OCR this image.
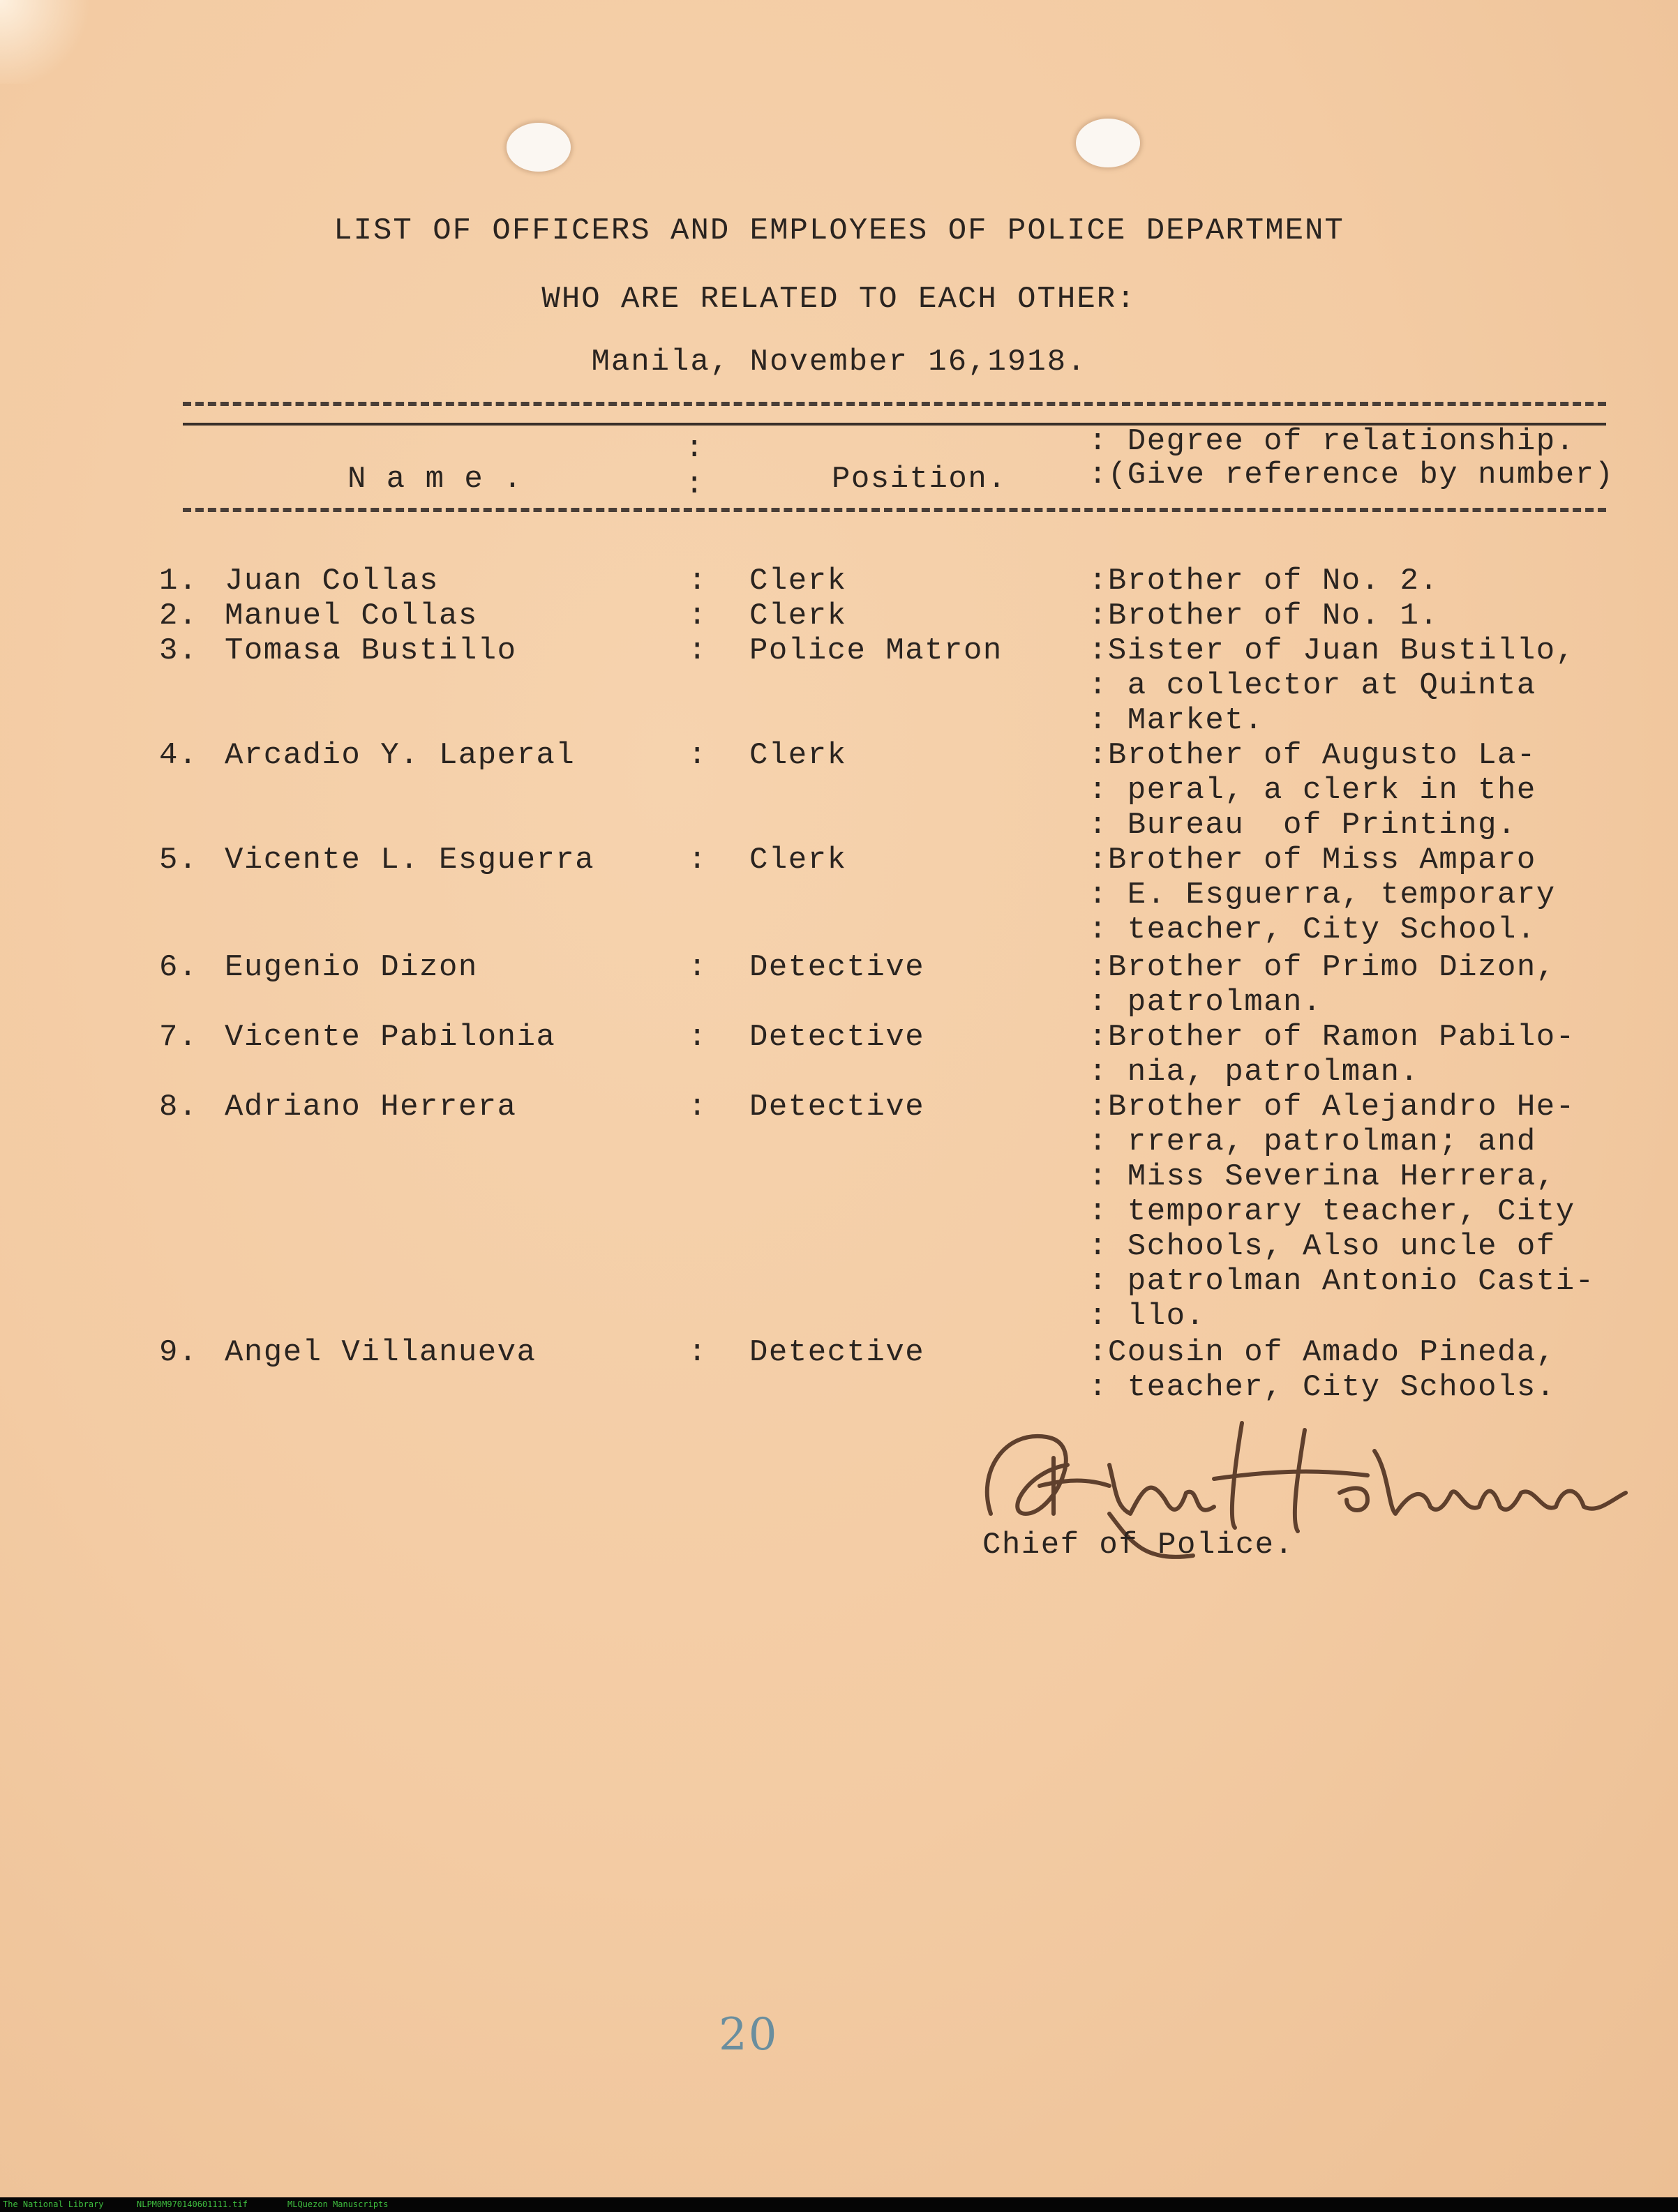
LIST OF OFFICERS AND EMPLOYEES OF POLICE DEPARTMENT
WHO ARE RELATED TO EACH OTHER:
Manila, November 16,1918.
N a m e .
:
:	Position.
: Degree of relationship.
:(Give reference by number)
1. Juan Collas	: Clerk	:Brother of No. 2.
2. Manuel Collas	: Clerk	:Brother of No. 1.
3. Tomasa Bustillo	: Police Matron	:Sister of Juan Bustillo,
: a collector at Quinta
: Market.
4. Arcadio Y. Laperal	: Clerk	:Brother of Augusto La-
: peral, a clerk in the
: Bureau  of Printing.
5. Vicente L. Esguerra	: Clerk	:Brother of Miss Amparo
: E. Esguerra, temporary
: teacher, City School.
6. Eugenio Dizon	: Detective	:Brother of Primo Dizon,
: patrolman.
7. Vicente Pabilonia	: Detective	:Brother of Ramon Pabilo-
: nia, patrolman.
8. Adriano Herrera	: Detective	:Brother of Alejandro He-
: rrera, patrolman; and
: Miss Severina Herrera,
: temporary teacher, City
: Schools, Also uncle of
: patrolman Antonio Casti-
: llo.
9. Angel Villanueva	: Detective	:Cousin of Amado Pineda,
: teacher, City Schools.
Chief of Police.
20
The National Library	NLPM0M970140601111.tif	MLQuezon Manuscripts
